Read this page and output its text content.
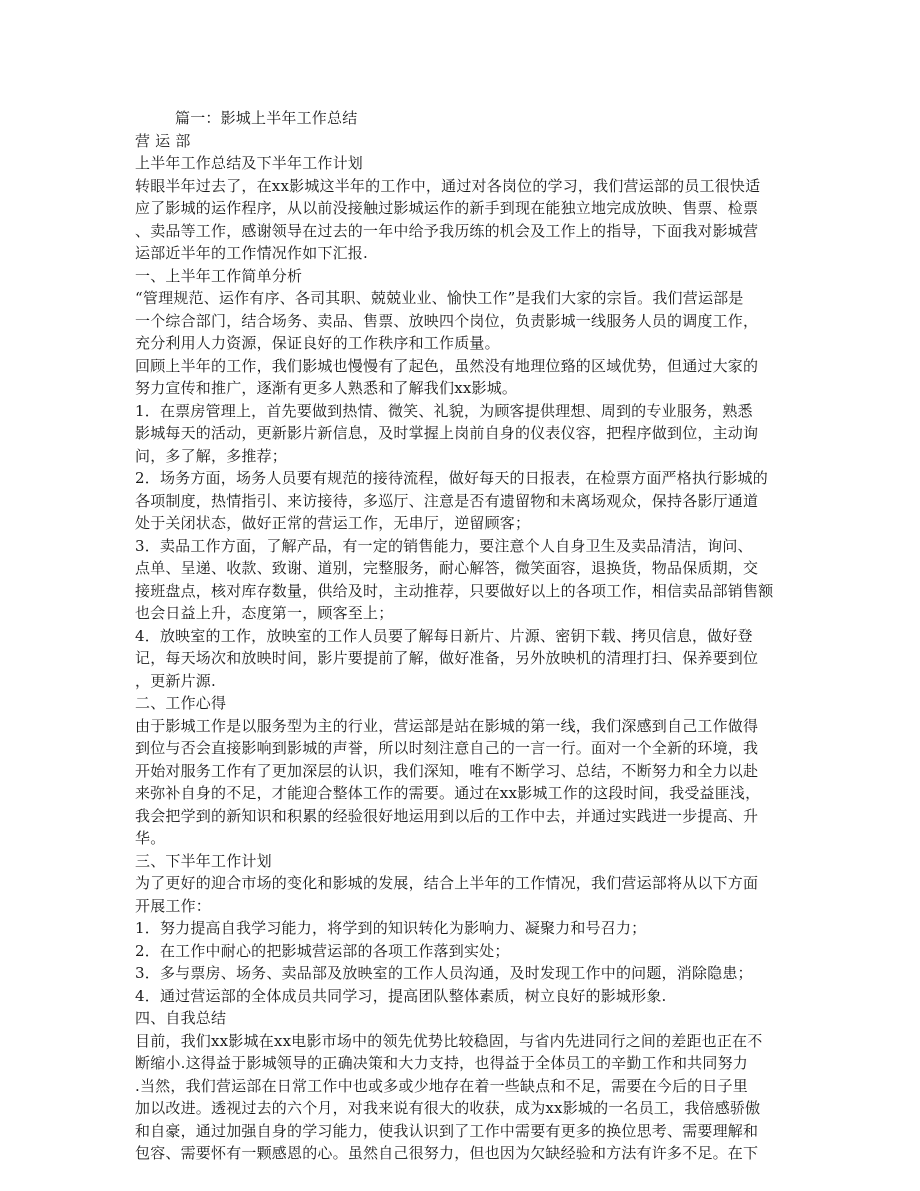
篇一：影城上半年工作总结
营 运 部
上半年工作总结及下半年工作计划
转眼半年过去了，在xx影城这半年的工作中，通过对各岗位的学习，我们营运部的员工很快适
应了影城的运作程序，从以前没接触过影城运作的新手到现在能独立地完成放映、售票、检票
、卖品等工作，感谢领导在过去的一年中给予我历练的机会及工作上的指导，下面我对影城营
运部近半年的工作情况作如下汇报.
一、上半年工作简单分析
“管理规范、运作有序、各司其职、兢兢业业、愉快工作”是我们大家的宗旨。我们营运部是
一个综合部门，结合场务、卖品、售票、放映四个岗位，负责影城一线服务人员的调度工作，
充分利用人力资源，保证良好的工作秩序和工作质量。
回顾上半年的工作，我们影城也慢慢有了起色，虽然没有地理位臵的区域优势，但通过大家的
努力宣传和推广，逐渐有更多人熟悉和了解我们xx影城。
1．在票房管理上，首先要做到热情、微笑、礼貌，为顾客提供理想、周到的专业服务，熟悉
影城每天的活动，更新影片新信息，及时掌握上岗前自身的仪表仪容，把程序做到位，主动询
问，多了解，多推荐；
2．场务方面，场务人员要有规范的接待流程，做好每天的日报表，在检票方面严格执行影城的
各项制度，热情指引、来访接待，多巡厅、注意是否有遗留物和未离场观众，保持各影厅通道
处于关闭状态，做好正常的营运工作，无串厅，逆留顾客；
3．卖品工作方面，了解产品，有一定的销售能力，要注意个人自身卫生及卖品清洁，询问、
点单、呈递、收款、致谢、道别，完整服务，耐心解答，微笑面容，退换货，物品保质期，交
接班盘点，核对库存数量，供给及时，主动推荐，只要做好以上的各项工作，相信卖品部销售额
也会日益上升，态度第一，顾客至上；
4．放映室的工作，放映室的工作人员要了解每日新片、片源、密钥下载、拷贝信息，做好登
记，每天场次和放映时间，影片要提前了解，做好准备，另外放映机的清理打扫、保养要到位
，更新片源.
二、工作心得
由于影城工作是以服务型为主的行业，营运部是站在影城的第一线，我们深感到自己工作做得
到位与否会直接影响到影城的声誉，所以时刻注意自己的一言一行。面对一个全新的环境，我
开始对服务工作有了更加深层的认识，我们深知，唯有不断学习、总结，不断努力和全力以赴
来弥补自身的不足，才能迎合整体工作的需要。通过在xx影城工作的这段时间，我受益匪浅，
我会把学到的新知识和积累的经验很好地运用到以后的工作中去，并通过实践进一步提高、升
华。
三、下半年工作计划
为了更好的迎合市场的变化和影城的发展，结合上半年的工作情况，我们营运部将从以下方面
开展工作：
1．努力提高自我学习能力，将学到的知识转化为影响力、凝聚力和号召力；
2．在工作中耐心的把影城营运部的各项工作落到实处；
3．多与票房、场务、卖品部及放映室的工作人员沟通，及时发现工作中的问题，消除隐患；
4．通过营运部的全体成员共同学习，提高团队整体素质，树立良好的影城形象.
四、自我总结
目前，我们xx影城在xx电影市场中的领先优势比较稳固，与省内先进同行之间的差距也正在不
断缩小.这得益于影城领导的正确决策和大力支持，也得益于全体员工的辛勤工作和共同努力
.当然，我们营运部在日常工作中也或多或少地存在着一些缺点和不足，需要在今后的日子里
加以改进。透视过去的六个月，对我来说有很大的收获，成为xx影城的一名员工，我倍感骄傲
和自豪，通过加强自身的学习能力，使我认识到了工作中需要有更多的换位思考、需要理解和
包容、需要怀有一颗感恩的心。虽然自己很努力，但也因为欠缺经验和方法有许多不足。在下
